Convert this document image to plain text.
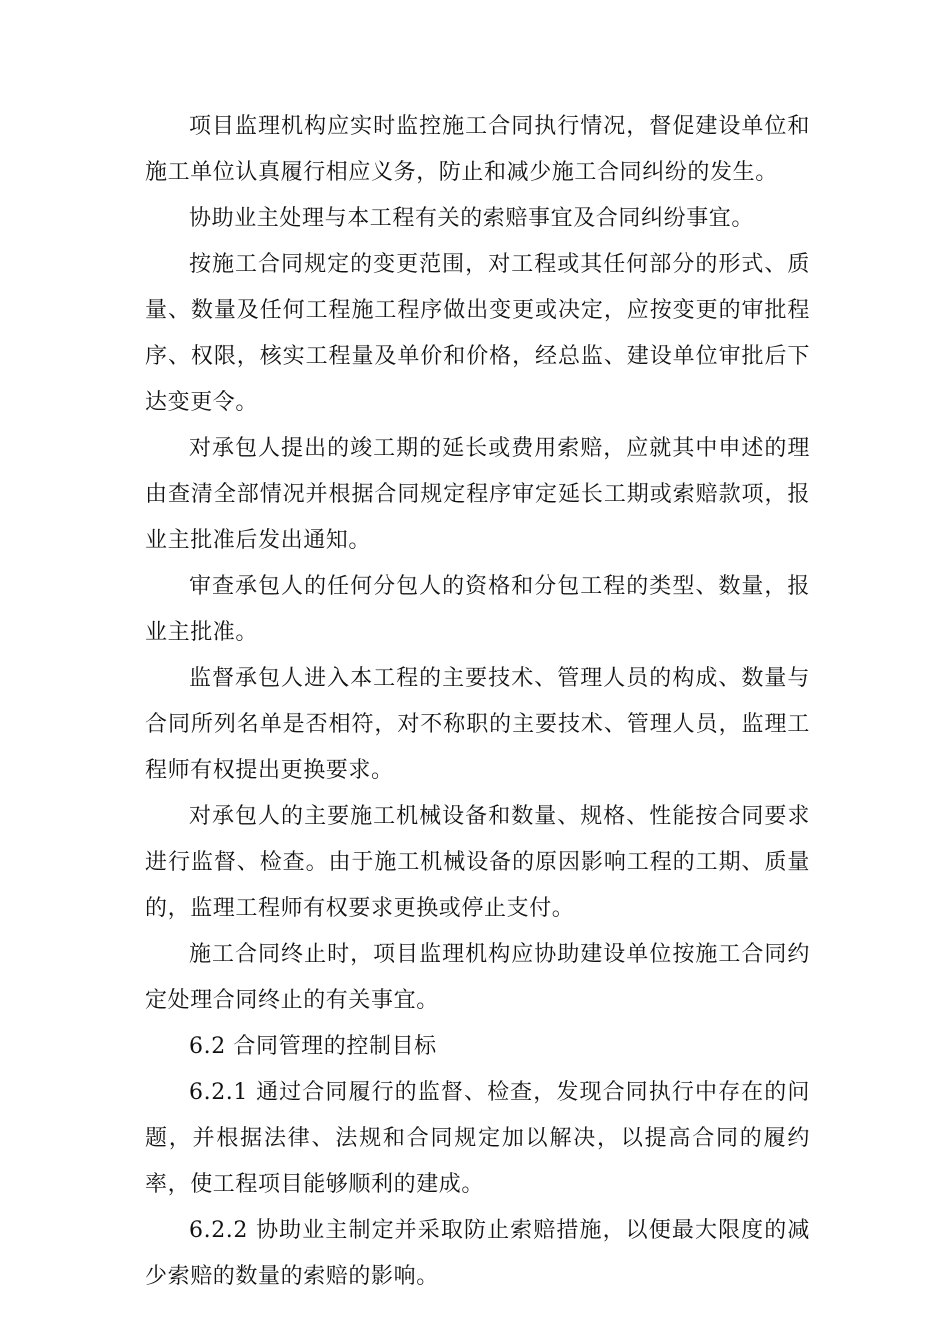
项目监理机构应实时监控施工合同执行情况，督促建设单位和施工单位认真履行相应义务，防止和减少施工合同纠纷的发生。

协助业主处理与本工程有关的索赔事宜及合同纠纷事宜。

按施工合同规定的变更范围，对工程或其任何部分的形式、质量、数量及任何工程施工程序做出变更或决定，应按变更的审批程序、权限，核实工程量及单价和价格，经总监、建设单位审批后下达变更令。

对承包人提出的竣工期的延长或费用索赔，应就其中申述的理由查清全部情况并根据合同规定程序审定延长工期或索赔款项，报业主批准后发出通知。

审查承包人的任何分包人的资格和分包工程的类型、数量，报业主批准。

监督承包人进入本工程的主要技术、管理人员的构成、数量与合同所列名单是否相符，对不称职的主要技术、管理人员，监理工程师有权提出更换要求。

对承包人的主要施工机械设备和数量、规格、性能按合同要求进行监督、检查。由于施工机械设备的原因影响工程的工期、质量的，监理工程师有权要求更换或停止支付。

施工合同终止时，项目监理机构应协助建设单位按施工合同约定处理合同终止的有关事宜。

6.2 合同管理的控制目标

6.2.1 通过合同履行的监督、检查，发现合同执行中存在的问题，并根据法律、法规和合同规定加以解决，以提高合同的履约率，使工程项目能够顺利的建成。

6.2.2 协助业主制定并采取防止索赔措施，以便最大限度的减少索赔的数量的索赔的影响。
